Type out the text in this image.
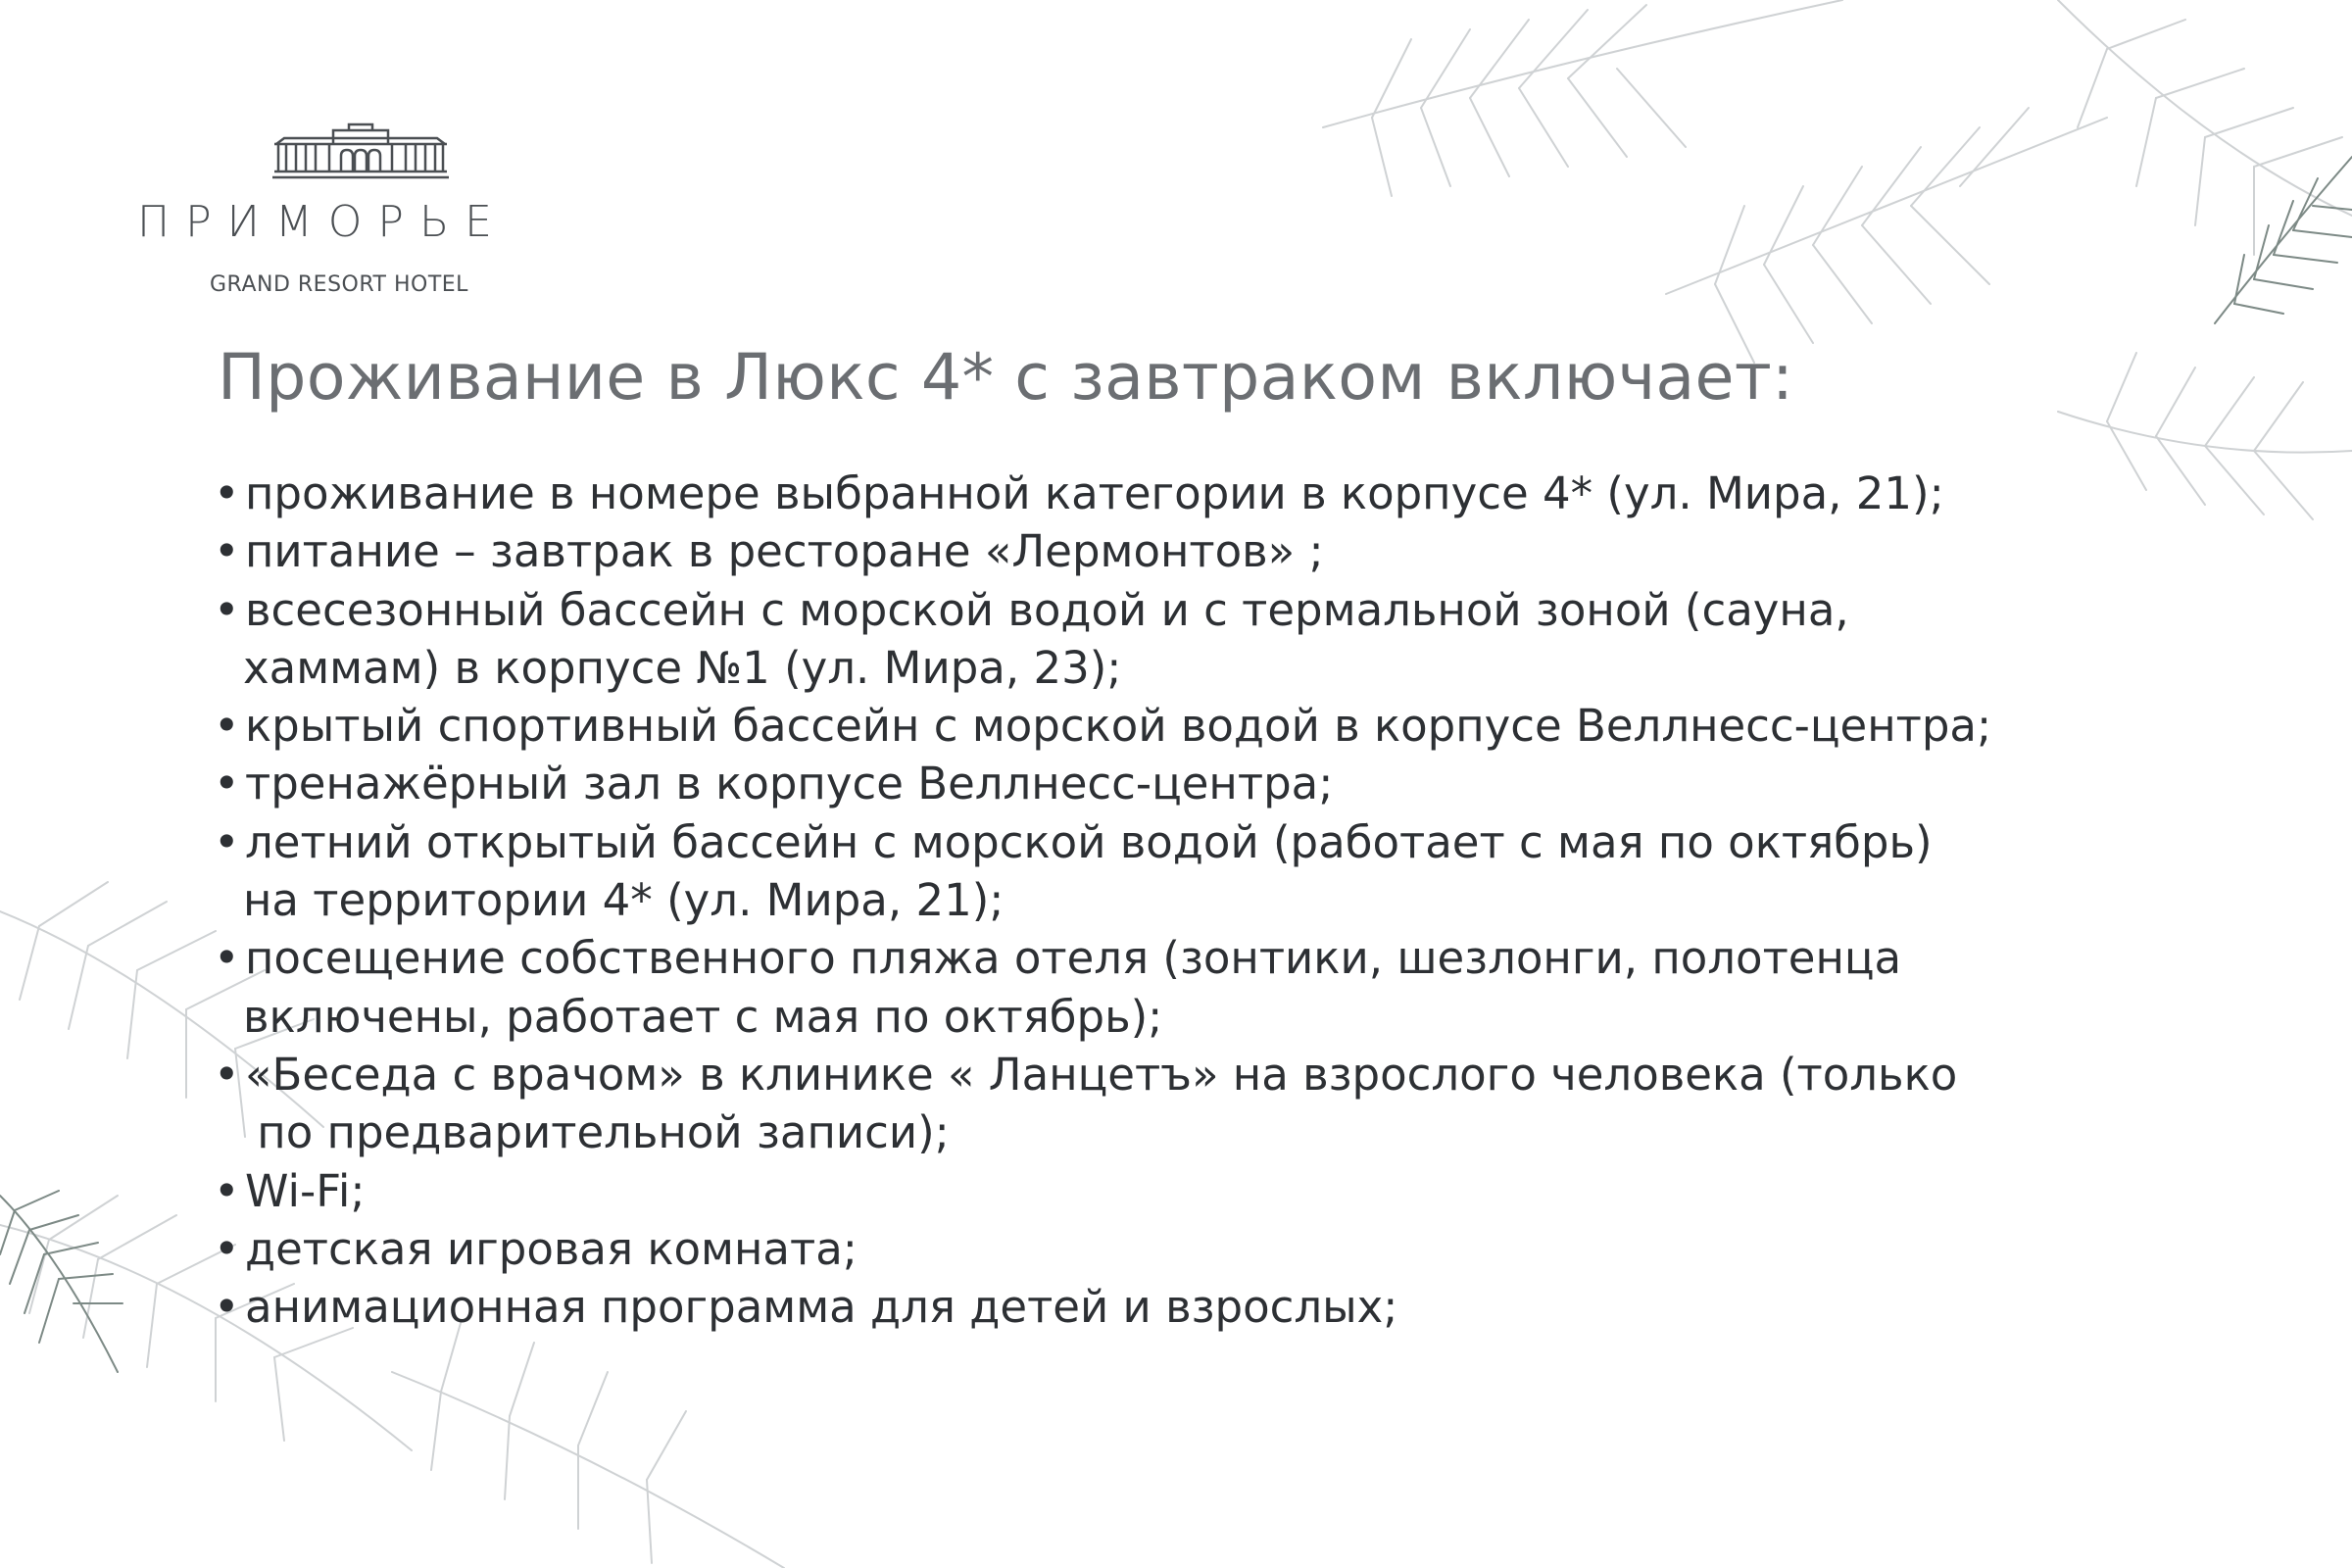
ПРИМОРЬЕ
GRAND RESORT HOTEL
Проживание в Люкс 4* с завтраком включает:
• проживание в номере выбранной категории в корпусе 4* (ул. Мира, 21);
• питание – завтрак в ресторане «Лермонтов» ;
• всесезонный бассейн с морской водой и с термальной зоной (сауна,
хаммам) в корпусе №1 (ул. Мира, 23);
• крытый спортивный бассейн с морской водой в корпусе Веллнесс-центра;
• тренажёрный зал в корпусе Веллнесс-центра;
• летний открытый бассейн с морской водой (работает с мая по октябрь)
на территории 4* (ул. Мира, 21);
• посещение собственного пляжа отеля (зонтики, шезлонги, полотенца
включены, работает с мая по октябрь);
• «Беседа с врачом» в клинике « Ланцетъ» на взрослого человека (только
по предварительной записи);
• Wi-Fi;
• детская игровая комната;
• анимационная программа для детей и взрослых;
